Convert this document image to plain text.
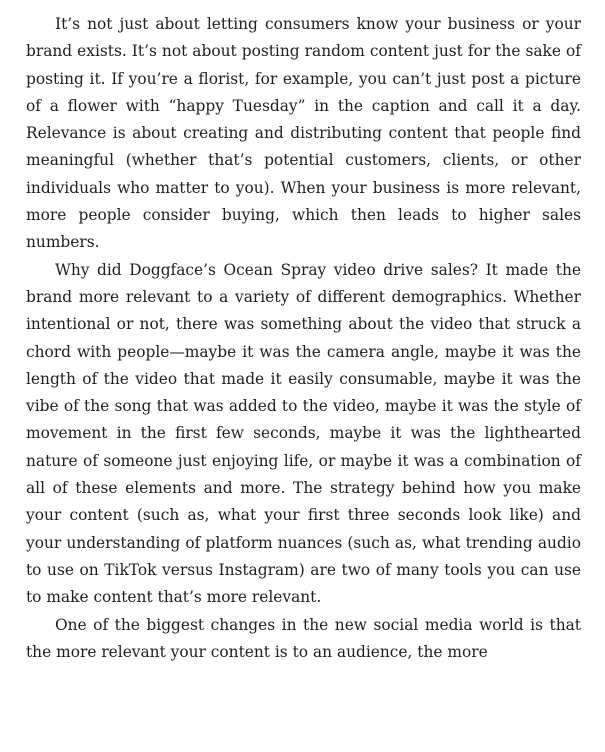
It’s not just about letting consumers know your business or your brand exists. It’s not about posting random content just for the sake of posting it. If you’re a florist, for example, you can’t just post a picture of a flower with “happy Tuesday” in the caption and call it a day. Relevance is about creating and distributing content that people find meaningful (whether that’s potential customers, clients, or other individuals who matter to you). When your business is more relevant, more people consider buying, which then leads to higher sales numbers.

Why did Doggface’s Ocean Spray video drive sales? It made the brand more relevant to a variety of different demographics. Whether intentional or not, there was something about the video that struck a chord with people—maybe it was the camera angle, maybe it was the length of the video that made it easily consumable, maybe it was the vibe of the song that was added to the video, maybe it was the style of movement in the first few seconds, maybe it was the lighthearted nature of someone just enjoying life, or maybe it was a combination of all of these elements and more. The strategy behind how you make your content (such as, what your first three seconds look like) and your understanding of platform nuances (such as, what trending audio to use on TikTok versus Instagram) are two of many tools you can use to make content that’s more relevant.

One of the biggest changes in the new social media world is that the more relevant your content is to an audience, the more
